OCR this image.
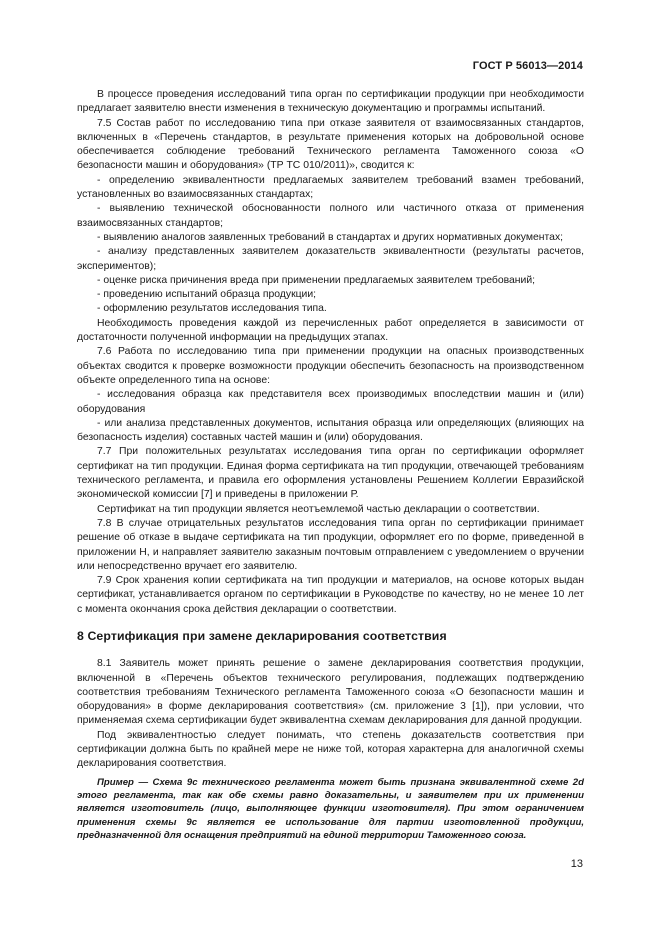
ГОСТ Р 56013—2014

В процессе проведения исследований типа орган по сертификации продукции при необходимости предлагает заявителю внести изменения в техническую документацию и программы испытаний.

7.5 Состав работ по исследованию типа при отказе заявителя от взаимосвязанных стандартов, включенных в «Перечень стандартов, в результате применения которых на добровольной основе обеспечивается соблюдение требований Технического регламента Таможенного союза «О безопасности машин и оборудования» (ТР ТС 010/2011)», сводится к:

- определению эквивалентности предлагаемых заявителем требований взамен требований, установленных во взаимосвязанных стандартах;

- выявлению технической обоснованности полного или частичного отказа от применения взаимосвязанных стандартов;

- выявлению аналогов заявленных требований в стандартах и других нормативных документах;

- анализу представленных заявителем доказательств эквивалентности (результаты расчетов, экспериментов);

- оценке риска причинения вреда при применении предлагаемых заявителем требований;

- проведению испытаний образца продукции;

- оформлению результатов исследования типа.

Необходимость проведения каждой из перечисленных работ определяется в зависимости от достаточности полученной информации на предыдущих этапах.

7.6 Работа по исследованию типа при применении продукции на опасных производственных объектах сводится к проверке возможности продукции обеспечить безопасность на производственном объекте определенного типа на основе:

- исследования образца как представителя всех производимых впоследствии машин и (или) оборудования

- или анализа представленных документов, испытания образца или определяющих (влияющих на безопасность изделия) составных частей машин и (или) оборудования.

7.7 При положительных результатах исследования типа орган по сертификации оформляет сертификат на тип продукции. Единая форма сертификата на тип продукции, отвечающей требованиям технического регламента, и правила его оформления установлены Решением Коллегии Евразийской экономической комиссии [7] и приведены в приложении Р.

Сертификат на тип продукции является неотъемлемой частью декларации о соответствии.

7.8 В случае отрицательных результатов исследования типа орган по сертификации принимает решение об отказе в выдаче сертификата на тип продукции, оформляет его по форме, приведенной в приложении Н, и направляет заявителю заказным почтовым отправлением с уведомлением о вручении или непосредственно вручает его заявителю.

7.9 Срок хранения копии сертификата на тип продукции и материалов, на основе которых выдан сертификат, устанавливается органом по сертификации в Руководстве по качеству, но не менее 10 лет с момента окончания срока действия декларации о соответствии.

8 Сертификация при замене декларирования соответствия

8.1 Заявитель может принять решение о замене декларирования соответствия продукции, включенной в «Перечень объектов технического регулирования, подлежащих подтверждению соответствия требованиям Технического регламента Таможенного союза «О безопасности машин и оборудования» в форме декларирования соответствия» (см. приложение 3 [1]), при условии, что применяемая схема сертификации будет эквивалентна схемам декларирования для данной продукции.

Под эквивалентностью следует понимать, что степень доказательств соответствия при сертификации должна быть по крайней мере не ниже той, которая характерна для аналогичной схемы декларирования соответствия.

Пример — Схема 9с технического регламента может быть признана эквивалентной схеме 2d этого регламента, так как обе схемы равно доказательны, и заявителем при их применении является изготовитель (лицо, выполняющее функции изготовителя). При этом ограничением применения схемы 9с является ее использование для партии изготовленной продукции, предназначенной для оснащения предприятий на единой территории Таможенного союза.

13
